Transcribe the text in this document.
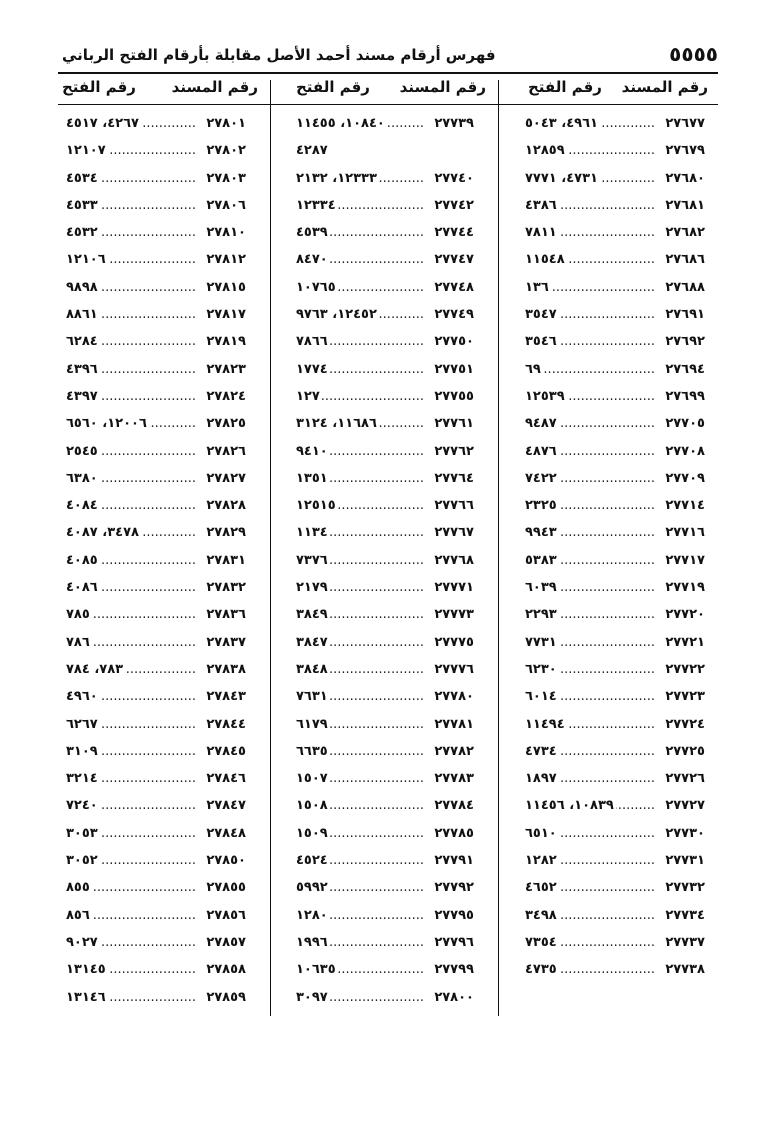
٥٥٥٥
فهرس أرقام مسند أحمد الأصل مقابلة بأرقام الفتح الرباني
رقم المسند
رقم الفتح
رقم المسند
رقم الفتح
رقم المسند
رقم الفتح
٢٧٦٧٧
.....
٤٩٦١، ٥٠٤٣
٢٧٦٧٩
.....
١٢٨٥٩
٢٧٦٨٠
.....
٤٧٣١، ٧٧٧١
٢٧٦٨١
.....
٤٣٨٦
٢٧٦٨٢
.....
٧٨١١
٢٧٦٨٦
.....
١١٥٤٨
٢٧٦٨٨
.....
١٣٦
٢٧٦٩١
.....
٣٥٤٧
٢٧٦٩٢
.....
٣٥٤٦
٢٧٦٩٤
.....
٦٩
٢٧٦٩٩
.....
١٢٥٣٩
٢٧٧٠٥
.....
٩٤٨٧
٢٧٧٠٨
.....
٤٨٧٦
٢٧٧٠٩
.....
٧٤٢٢
٢٧٧١٤
.....
٢٣٢٥
٢٧٧١٦
.....
٩٩٤٣
٢٧٧١٧
.....
٥٣٨٣
٢٧٧١٩
.....
٦٠٣٩
٢٧٧٢٠
.....
٢٢٩٣
٢٧٧٢١
.....
٧٧٣١
٢٧٧٢٢
.....
٦٢٣٠
٢٧٧٢٣
.....
٦٠١٤
٢٧٧٢٤
.....
١١٤٩٤
٢٧٧٢٥
.....
٤٧٣٤
٢٧٧٢٦
.....
١٨٩٧
٢٧٧٢٧
.....
١٠٨٣٩، ١١٤٥٦
٢٧٧٣٠
.....
٦٥١٠
٢٧٧٣١
.....
١٢٨٢
٢٧٧٣٢
.....
٤٦٥٢
٢٧٧٣٤
.....
٣٤٩٨
٢٧٧٣٧
.....
٧٣٥٤
٢٧٧٣٨
.....
٤٧٣٥
٢٧٧٣٩
.....
١٠٨٤٠، ١١٤٥٥
٤٢٨٧
٢٧٧٤٠
.....
١٢٣٣٣، ٢١٣٢
٢٧٧٤٢
.....
١٢٣٣٤
٢٧٧٤٤
.....
٤٥٣٩
٢٧٧٤٧
.....
٨٤٧٠
٢٧٧٤٨
.....
١٠٧٦٥
٢٧٧٤٩
.....
١٢٤٥٢، ٩٧٦٣
٢٧٧٥٠
.....
٧٨٦٦
٢٧٧٥١
.....
١٧٧٤
٢٧٧٥٥
.....
١٢٧
٢٧٧٦١
.....
١١٦٨٦، ٣١٢٤
٢٧٧٦٢
.....
٩٤١٠
٢٧٧٦٤
.....
١٣٥١
٢٧٧٦٦
.....
١٢٥١٥
٢٧٧٦٧
.....
١١٣٤
٢٧٧٦٨
.....
٧٣٧٦
٢٧٧٧١
.....
٢١٧٩
٢٧٧٧٣
.....
٣٨٤٩
٢٧٧٧٥
.....
٣٨٤٧
٢٧٧٧٦
.....
٣٨٤٨
٢٧٧٨٠
.....
٧٦٣١
٢٧٧٨١
.....
٦١٧٩
٢٧٧٨٢
.....
٦٦٣٥
٢٧٧٨٣
.....
١٥٠٧
٢٧٧٨٤
.....
١٥٠٨
٢٧٧٨٥
.....
١٥٠٩
٢٧٧٩١
.....
٤٥٢٤
٢٧٧٩٢
.....
٥٩٩٢
٢٧٧٩٥
.....
١٢٨٠
٢٧٧٩٦
.....
١٩٩٦
٢٧٧٩٩
.....
١٠٦٣٥
٢٧٨٠٠
.....
٣٠٩٧
٢٧٨٠١
.....
٤٢٦٧، ٤٥١٧
٢٧٨٠٢
.....
١٢١٠٧
٢٧٨٠٣
.....
٤٥٣٤
٢٧٨٠٦
.....
٤٥٣٣
٢٧٨١٠
.....
٤٥٣٢
٢٧٨١٢
.....
١٢١٠٦
٢٧٨١٥
.....
٩٨٩٨
٢٧٨١٧
.....
٨٨٦١
٢٧٨١٩
.....
٦٢٨٤
٢٧٨٢٣
.....
٤٣٩٦
٢٧٨٢٤
.....
٤٣٩٧
٢٧٨٢٥
.....
١٢٠٠٦، ٦٥٦٠
٢٧٨٢٦
.....
٢٥٤٥
٢٧٨٢٧
.....
٦٣٨٠
٢٧٨٢٨
.....
٤٠٨٤
٢٧٨٢٩
.....
٣٤٧٨، ٤٠٨٧
٢٧٨٣١
.....
٤٠٨٥
٢٧٨٣٢
.....
٤٠٨٦
٢٧٨٣٦
.....
٧٨٥
٢٧٨٣٧
.....
٧٨٦
٢٧٨٣٨
.....
٧٨٣، ٧٨٤
٢٧٨٤٣
.....
٤٩٦٠
٢٧٨٤٤
.....
٦٢٦٧
٢٧٨٤٥
.....
٣١٠٩
٢٧٨٤٦
.....
٣٢١٤
٢٧٨٤٧
.....
٧٢٤٠
٢٧٨٤٨
.....
٣٠٥٣
٢٧٨٥٠
.....
٣٠٥٢
٢٧٨٥٥
.....
٨٥٥
٢٧٨٥٦
.....
٨٥٦
٢٧٨٥٧
.....
٩٠٢٧
٢٧٨٥٨
.....
١٣١٤٥
٢٧٨٥٩
.....
١٣١٤٦
